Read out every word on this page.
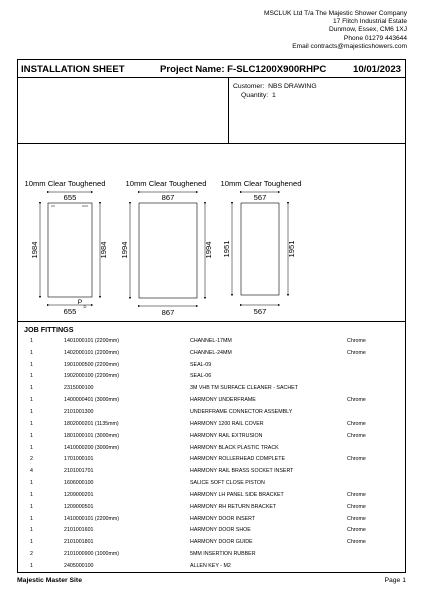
MSCLUK Ltd T/a The Majestic Shower Company
17 Flitch Industrial Estate
Dunmow, Essex, CM6 1XJ
Phone 01279 443644
Email contracts@majesticshowers.com
INSTALLATION SHEET	Project Name: F-SLC1200X900RHPC	10/01/2023
Customer: NBS DRAWING
Quantity: 1
10mm Clear Toughened
655
P
D
1984	1984
655
10mm Clear Toughened
867
1994	1994
867
10mm Clear Toughened
567
1951	1951
567
JOB FITTINGS
1	1401000101 (2200mm)	CHANNEL-17MM	Chrome
1	1402000101 (2200mm)	CHANNEL-24MM	Chrome
1	1901000500 (2200mm)	SEAL-09	
1	1902000100 (2200mm)	SEAL-06	
1	2315000100	3M VHB TM SURFACE CLEANER - SACHET	
1	1400000401 (3000mm)	HARMONY UNDERFRAME	Chrome
1	2101001300	UNDERFRAME CONNECTOR ASSEMBLY	
1	1802000201 (1135mm)	HARMONY 1200 RAIL COVER	Chrome
1	1801000101 (3000mm)	HARMONY RAIL EXTRUSION	Chrome
1	1410000200 (3000mm)	HARMONY BLACK PLASTIC TRACK	
2	1701000101	HARMONY ROLLERHEAD COMPLETE	Chrome
4	2101001701	HARMONY RAIL BRASS SOCKET INSERT	
1	1606000100	SALICE SOFT CLOSE PISTON	
1	1209000201	HARMONY LH PANEL SIDE BRACKET	Chrome
1	1209000501	HARMONY RH RETURN BRACKET	Chrome
1	1410000101 (2200mm)	HARMONY DOOR INSERT	Chrome
1	2101001601	HARMONY DOOR SHOE	Chrome
1	2101001801	HARMONY DOOR GUIDE	Chrome
2	2101000900 (1000mm)	5MM INSERTION RUBBER	
1	2405000100	ALLEN KEY - M2	
Majestic Master Site	Page 1
